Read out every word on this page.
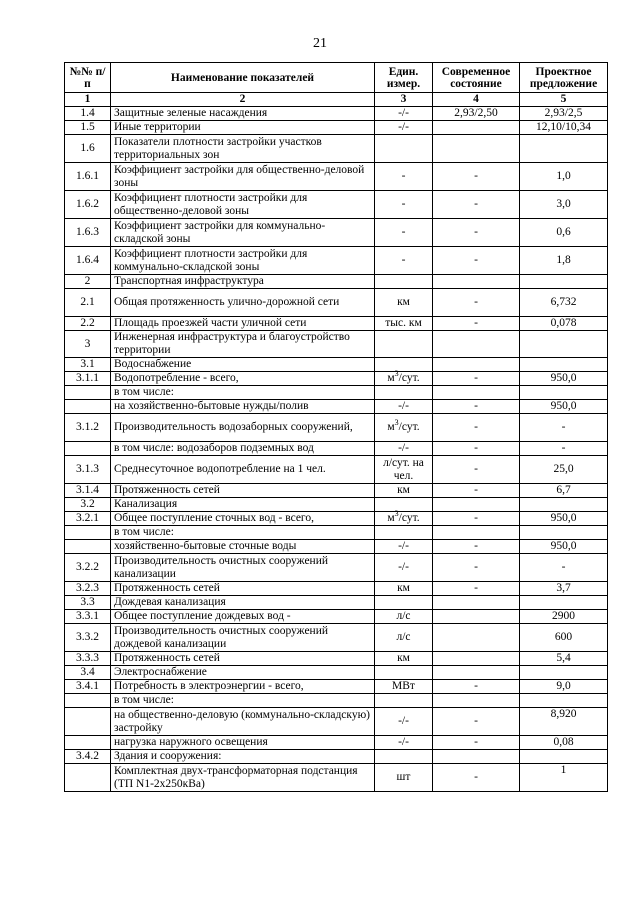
21
№№ п/п	Наименование показателей	Един. измер.	Современное состояние	Проектное предложение
1	2	3	4	5
1.4	Защитные зеленые насаждения	-/-	2,93/2,50	2,93/2,5
1.5	Иные территории	-/-		12,10/10,34
1.6	Показатели плотности застройки участков территориальных зон			
1.6.1	Коэффициент застройки для общественно-деловой зоны	-	-	1,0
1.6.2	Коэффициент плотности застройки для общественно-деловой зоны	-	-	3,0
1.6.3	Коэффициент застройки для коммунально-складской зоны	-	-	0,6
1.6.4	Коэффициент плотности застройки для коммунально-складской зоны	-	-	1,8
2	Транспортная инфраструктура			
2.1	Общая протяженность улично-дорожной сети	км	-	6,732
2.2	Площадь проезжей части уличной сети	тыс. км	-	0,078
3	Инженерная инфраструктура и благоустройство территории			
3.1	Водоснабжение			
3.1.1	Водопотребление - всего,	$м^3$/сут.	-	950,0
	в том числе:			
	на хозяйственно-бытовые нужды/полив	-/-	-	950,0
3.1.2	Производительность водозаборных сооружений,	$м^3$/сут.	-	-
	в том числе: водозаборов подземных вод	-/-	-	-
3.1.3	Среднесуточное водопотребление на 1 чел.	л/сут. на чел.	-	25,0
3.1.4	Протяженность сетей	км	-	6,7
3.2	Канализация			
3.2.1	Общее поступление сточных вод - всего,	$м^3$/сут.	-	950,0
	в том числе:			
	хозяйственно-бытовые сточные воды	-/-	-	950,0
3.2.2	Производительность очистных сооружений канализации	-/-	-	-
3.2.3	Протяженность сетей	км	-	3,7
3.3	Дождевая канализация			
3.3.1	Общее поступление дождевых вод -	л/с		2900
3.3.2	Производительность очистных сооружений дождевой канализации	л/с		600
3.3.3	Протяженность сетей	км		5,4
3.4	Электроснабжение			
3.4.1	Потребность в электроэнергии - всего,	МВт	-	9,0
	в том числе:			
	на общественно-деловую (коммунально-складскую) застройку	-/-	-	8,920
	нагрузка наружного освещения	-/-	-	0,08
3.4.2	Здания и сооружения:			
	Комплектная двух-трансформаторная подстанция (ТП N1-2х250кВа)	шт	-	1
